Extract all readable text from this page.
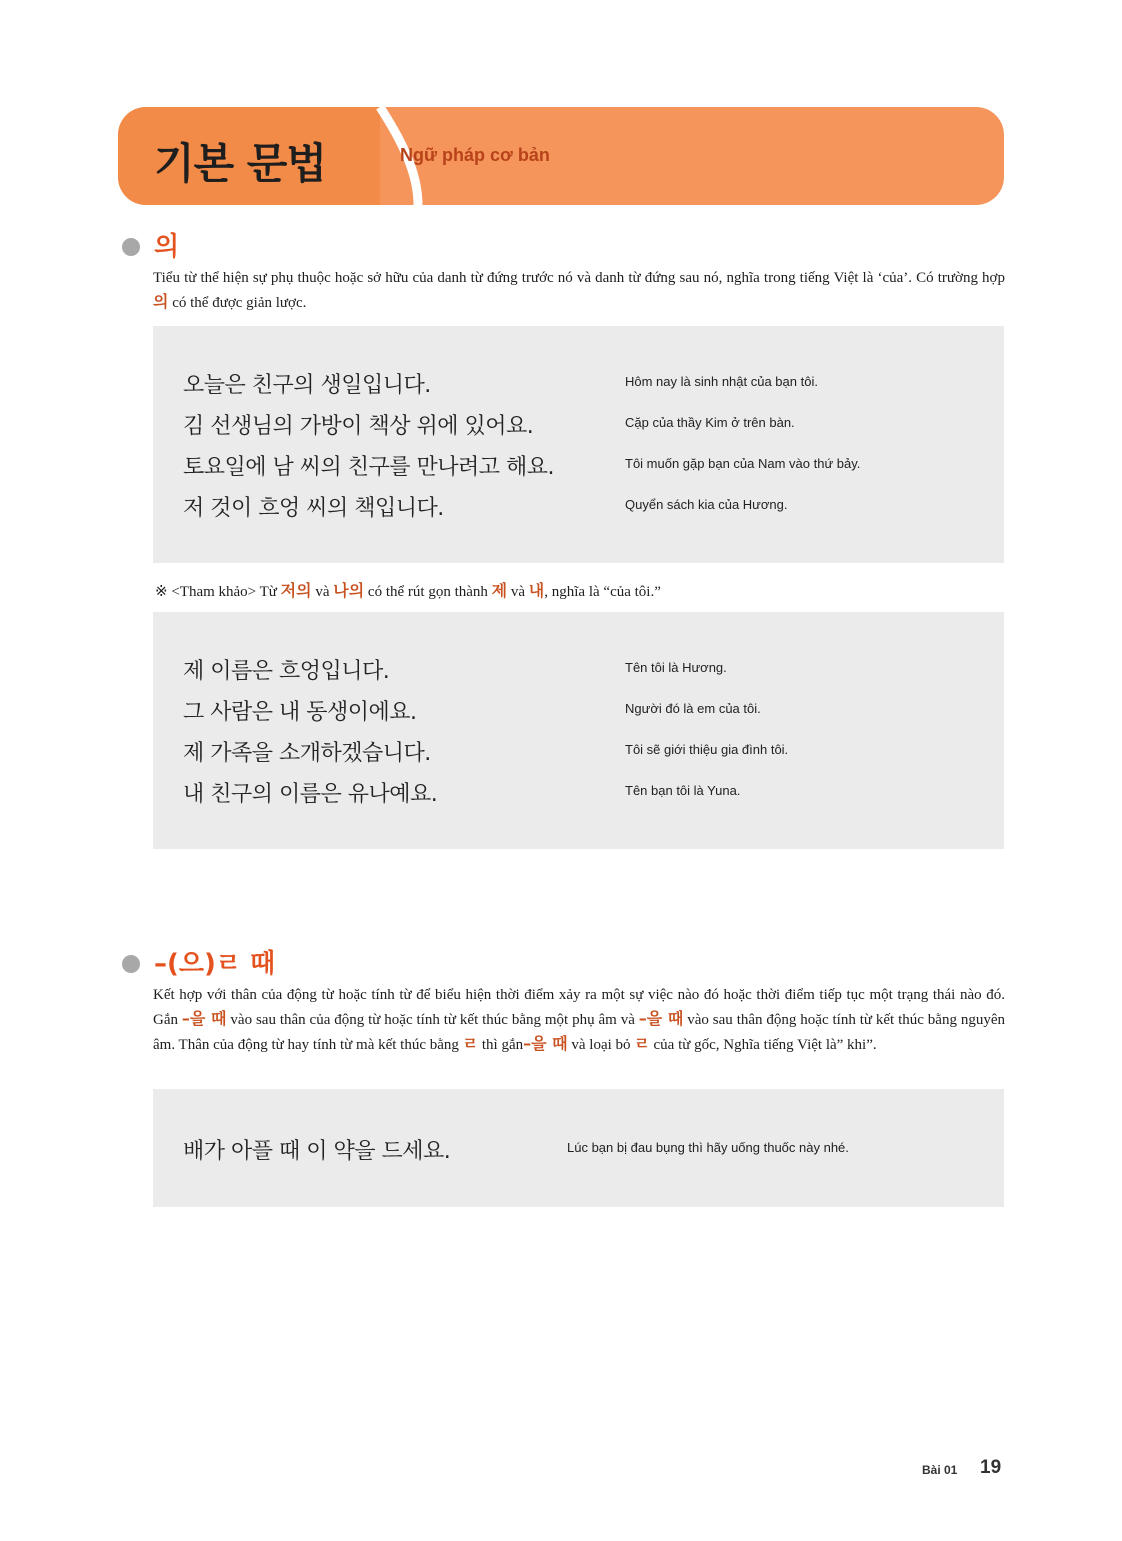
기본 문법	Ngữ pháp cơ bản
의
Tiểu từ thể hiện sự phụ thuộc hoặc sở hữu của danh từ đứng trước nó và danh từ đứng sau nó, nghĩa trong tiếng Việt là ‘của’. Có trường hợp 의 có thể được giản lược.
오늘은 친구의 생일입니다.	Hôm nay là sinh nhật của bạn tôi.
김 선생님의 가방이 책상 위에 있어요.	Cặp của thầy Kim ở trên bàn.
토요일에 남 씨의 친구를 만나려고 해요.	Tôi muốn gặp bạn của Nam vào thứ bảy.
저 것이 흐엉 씨의 책입니다.	Quyển sách kia của Hương.
※ <Tham khảo> Từ 저의 và 나의 có thể rút gọn thành 제 và 내, nghĩa là “của tôi.”
제 이름은 흐엉입니다.	Tên tôi là Hương.
그 사람은 내 동생이에요.	Người đó là em của tôi.
제 가족을 소개하겠습니다.	Tôi sẽ giới thiệu gia đình tôi.
내 친구의 이름은 유나예요.	Tên bạn tôi là Yuna.
–(으)ㄹ 때
Kết hợp với thân của động từ hoặc tính từ để biểu hiện thời điểm xảy ra một sự việc nào đó hoặc thời điểm tiếp tục một trạng thái nào đó. Gắn –을 때 vào sau thân của động từ hoặc tính từ kết thúc bằng một phụ âm và –을 때 vào sau thân động hoặc tính từ kết thúc bằng nguyên âm. Thân của động từ hay tính từ mà kết thúc bằng ㄹ thì gắn–을 때 và loại bỏ ㄹ của từ gốc, Nghĩa tiếng Việt là” khi”.
배가 아플 때 이 약을 드세요.	Lúc bạn bị đau bụng thì hãy uống thuốc này nhé.
Bài 01 19
